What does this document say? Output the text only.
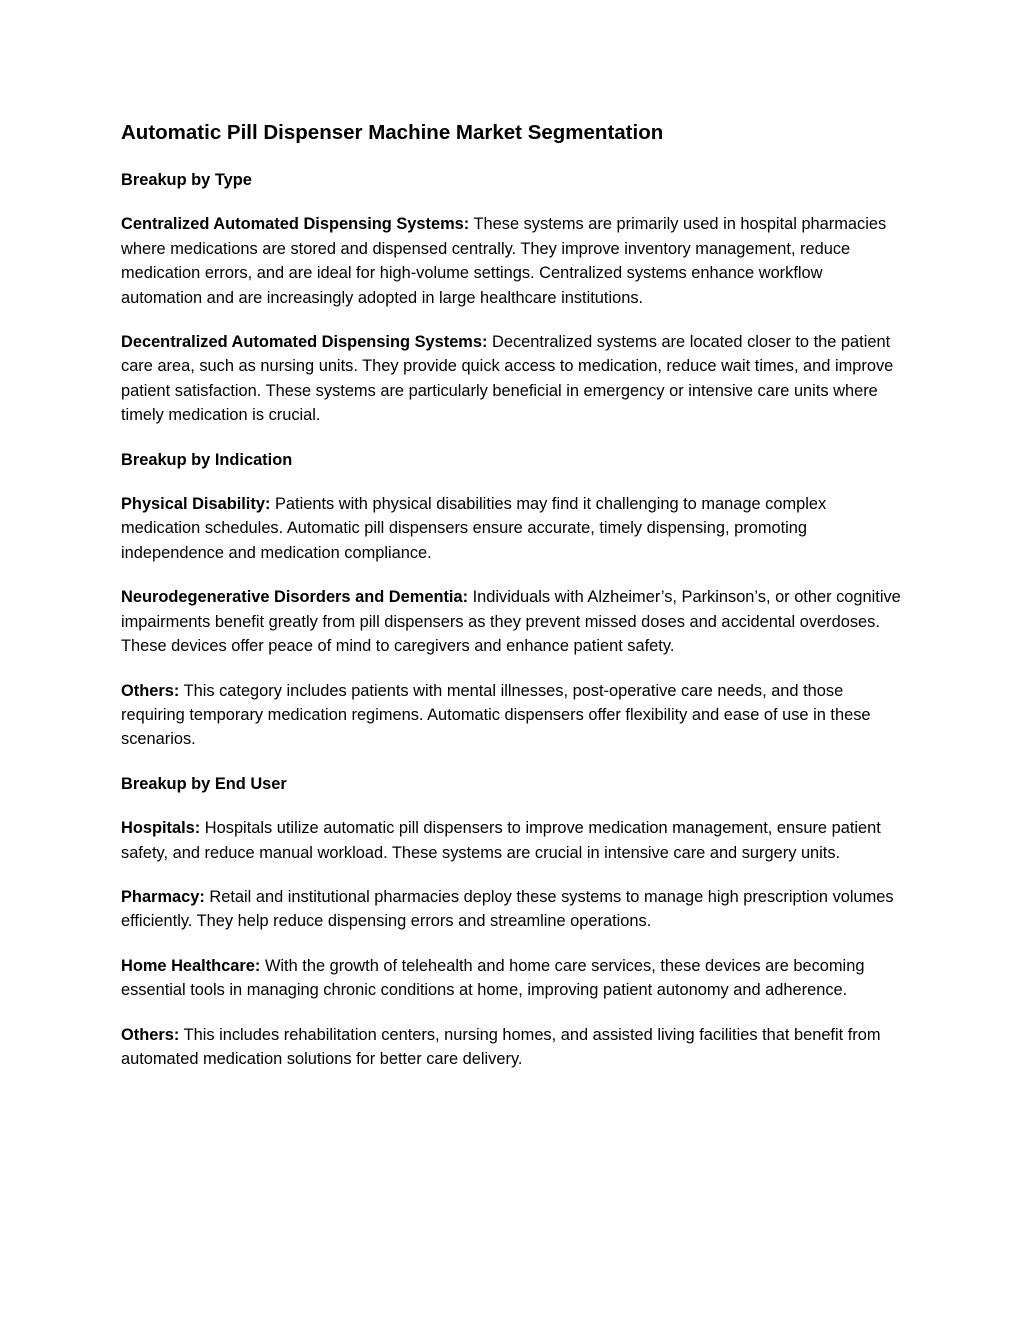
Automatic Pill Dispenser Machine Market Segmentation
Breakup by Type

Centralized Automated Dispensing Systems: These systems are primarily used in hospital pharmacies where medications are stored and dispensed centrally. They improve inventory management, reduce medication errors, and are ideal for high-volume settings. Centralized systems enhance workflow automation and are increasingly adopted in large healthcare institutions.

Decentralized Automated Dispensing Systems: Decentralized systems are located closer to the patient care area, such as nursing units. They provide quick access to medication, reduce wait times, and improve patient satisfaction. These systems are particularly beneficial in emergency or intensive care units where timely medication is crucial.

Breakup by Indication

Physical Disability: Patients with physical disabilities may find it challenging to manage complex medication schedules. Automatic pill dispensers ensure accurate, timely dispensing, promoting independence and medication compliance.

Neurodegenerative Disorders and Dementia: Individuals with Alzheimer’s, Parkinson’s, or other cognitive impairments benefit greatly from pill dispensers as they prevent missed doses and accidental overdoses. These devices offer peace of mind to caregivers and enhance patient safety.

Others: This category includes patients with mental illnesses, post-operative care needs, and those requiring temporary medication regimens. Automatic dispensers offer flexibility and ease of use in these scenarios.

Breakup by End User

Hospitals: Hospitals utilize automatic pill dispensers to improve medication management, ensure patient safety, and reduce manual workload. These systems are crucial in intensive care and surgery units.

Pharmacy: Retail and institutional pharmacies deploy these systems to manage high prescription volumes efficiently. They help reduce dispensing errors and streamline operations.

Home Healthcare: With the growth of telehealth and home care services, these devices are becoming essential tools in managing chronic conditions at home, improving patient autonomy and adherence.

Others: This includes rehabilitation centers, nursing homes, and assisted living facilities that benefit from automated medication solutions for better care delivery.
